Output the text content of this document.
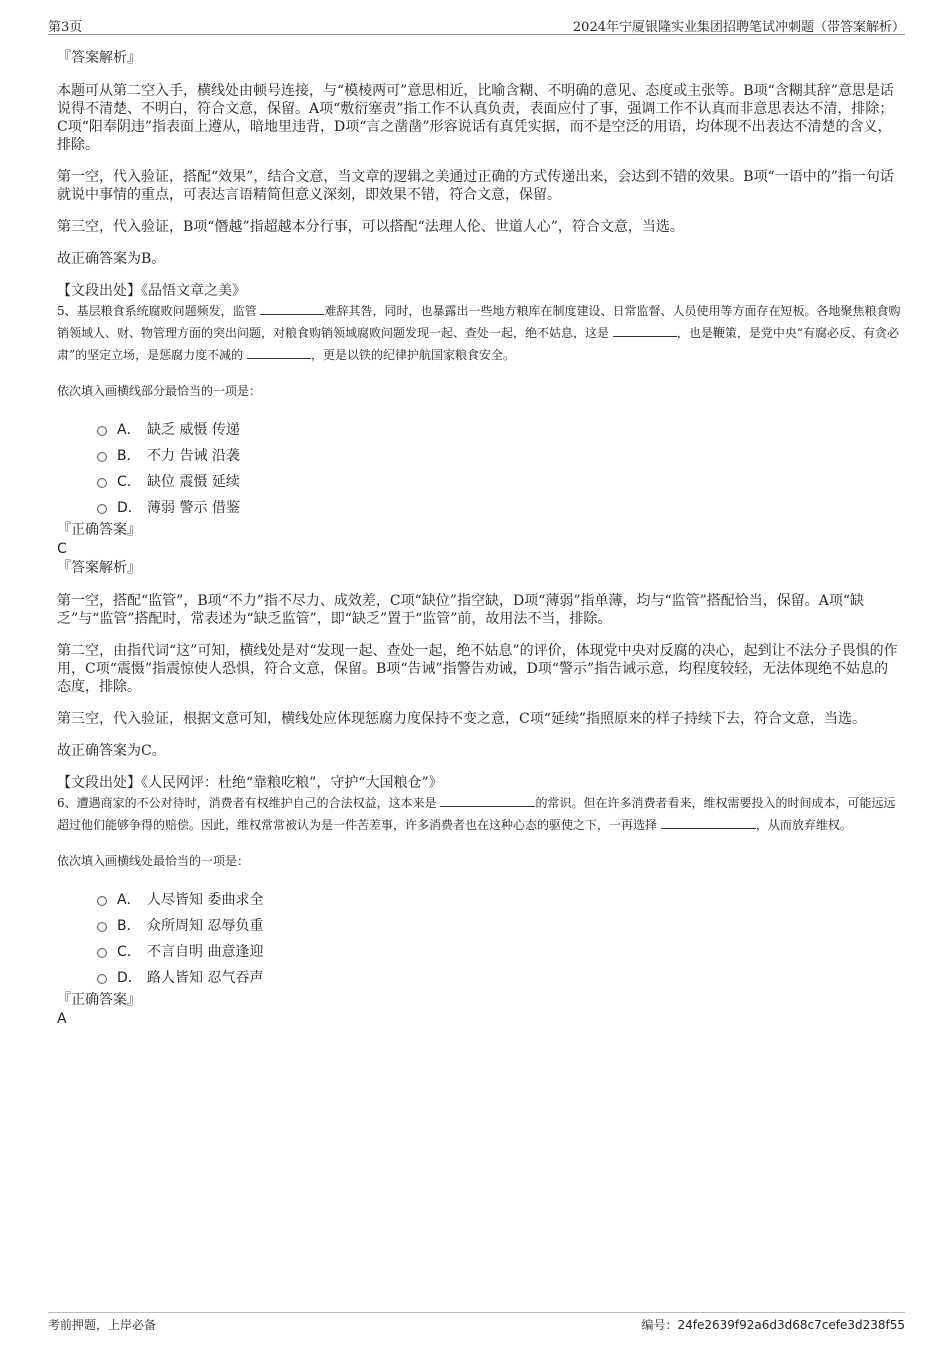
第3页	2024年宁厦银隆实业集团招聘笔试冲刺题（带答案解析）
『答案解析』

本题可从第二空入手，横线处由顿号连接，与“模棱两可”意思相近，比喻含糊、不明确的意见、态度或主张等。B项“含糊其辞”意思是话说得不清楚、不明白，符合文意，保留。A项“敷衍塞责”指工作不认真负责，表面应付了事，强调工作不认真而非意思表达不清，排除；C项“阳奉阴违”指表面上遵从，暗地里违背，D项“言之凿凿”形容说话有真凭实据，而不是空泛的用语，均体现不出表达不清楚的含义，排除。

第一空，代入验证，搭配“效果”，结合文意，当文章的逻辑之美通过正确的方式传递出来，会达到不错的效果。B项“一语中的”指一句话就说中事情的重点，可表达言语精简但意义深刻，即效果不错，符合文意，保留。

第三空，代入验证，B项“僭越”指超越本分行事，可以搭配“法理人伦、世道人心”，符合文意，当选。

故正确答案为B。

【文段出处】《品悟文章之美》

5、基层粮食系统腐败问题频发，监管	难辞其咎，同时，也暴露出一些地方粮库在制度建设、日常监督、人员使用等方面存在短板。各地聚焦粮食购销领域人、财、物管理方面的突出问题，对粮食购销领域腐败问题发现一起、查处一起，绝不姑息，这是	，也是鞭策，是党中央“有腐必反、有贪必肃”的坚定立场，是惩腐力度不减的	，更是以铁的纪律护航国家粮食安全。

依次填入画横线部分最恰当的一项是：
A． 缺乏 威慑 传递
B． 不力 告诫 沿袭
C． 缺位 震慑 延续
D． 薄弱 警示 借鉴
『正确答案』
C
『答案解析』

第一空，搭配“监管”，B项“不力”指不尽力、成效差，C项“缺位”指空缺，D项“薄弱”指单薄，均与“监管”搭配恰当，保留。A项“缺乏”与“监管”搭配时，常表述为“缺乏监管”，即“缺乏”置于“监管”前，故用法不当，排除。

第二空，由指代词“这”可知，横线处是对“发现一起、查处一起，绝不姑息”的评价，体现党中央对反腐的决心，起到让不法分子畏惧的作用，C项“震慑”指震惊使人恐惧，符合文意，保留。B项“告诫”指警告劝诫，D项“警示”指告诫示意，均程度较轻，无法体现绝不姑息的态度，排除。

第三空，代入验证，根据文意可知，横线处应体现惩腐力度保持不变之意，C项“延续”指照原来的样子持续下去，符合文意，当选。

故正确答案为C。

【文段出处】《人民网评：杜绝“靠粮吃粮”，守护“大国粮仓”》

6、遭遇商家的不公对待时，消费者有权维护自己的合法权益，这本来是	的常识。但在许多消费者看来，维权需要投入的时间成本，可能远远超过他们能够争得的赔偿。因此，维权常常被认为是一件苦差事，许多消费者也在这种心态的驱使之下，一再选择	，从而放弃维权。

依次填入画横线处最恰当的一项是：
A． 人尽皆知 委曲求全
B． 众所周知 忍辱负重
C． 不言自明 曲意逢迎
D． 路人皆知 忍气吞声
『正确答案』
A
考前押题，上岸必备	编号：24fe2639f92a6d3d68c7cefe3d238f55
